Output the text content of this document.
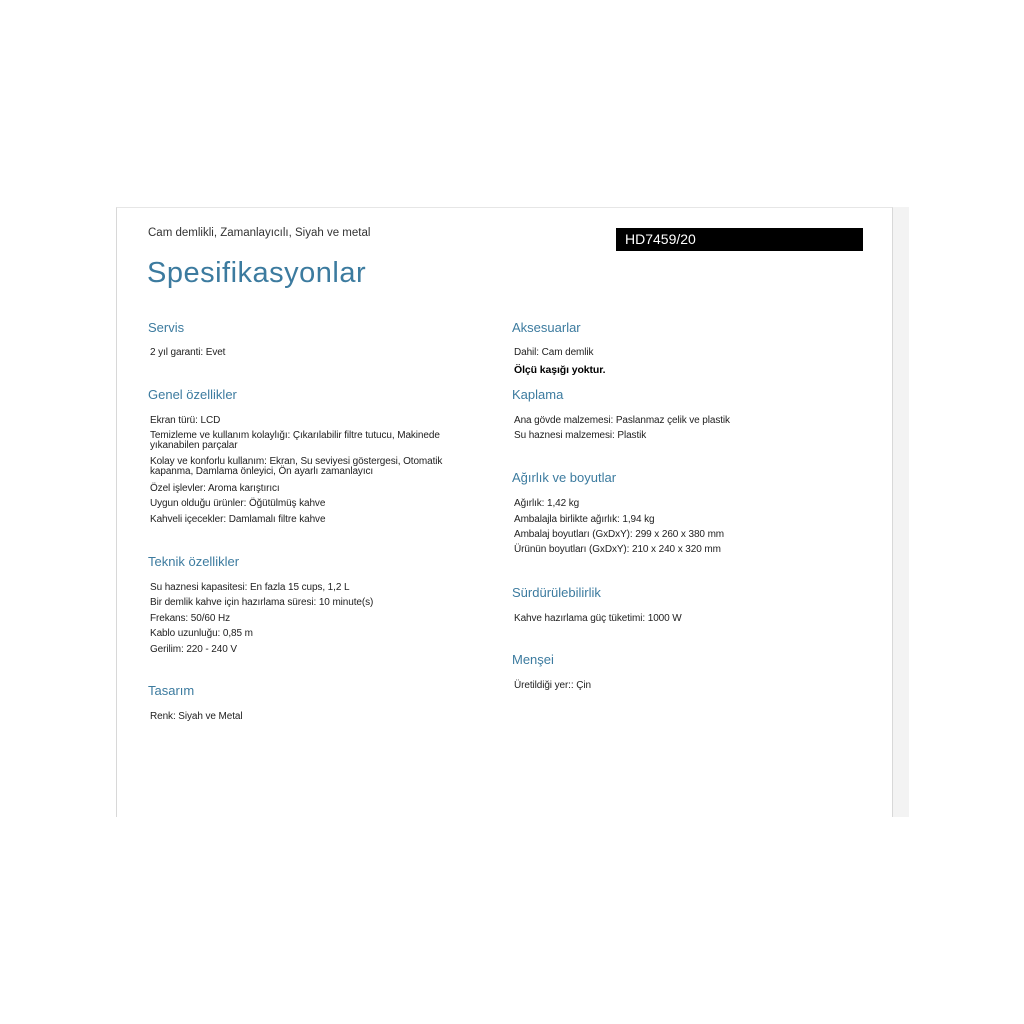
Cam demlikli, Zamanlayıcılı, Siyah ve metal	HD7459/20
Spesifikasyonlar
Servis
2 yıl garanti: Evet
Genel özellikler
Ekran türü: LCD
Temizleme ve kullanım kolaylığı: Çıkarılabilir filtre tutucu, Makinede yıkanabilen parçalar
Kolay ve konforlu kullanım: Ekran, Su seviyesi göstergesi, Otomatik kapanma, Damlama önleyici, Ön ayarlı zamanlayıcı
Özel işlevler: Aroma karıştırıcı
Uygun olduğu ürünler: Öğütülmüş kahve
Kahveli içecekler: Damlamalı filtre kahve
Teknik özellikler
Su haznesi kapasitesi: En fazla 15 cups, 1,2 L
Bir demlik kahve için hazırlama süresi: 10 minute(s)
Frekans: 50/60 Hz
Kablo uzunluğu: 0,85 m
Gerilim: 220 - 240 V
Tasarım
Renk: Siyah ve Metal
Aksesuarlar
Dahil: Cam demlik
Ölçü kaşığı yoktur.
Kaplama
Ana gövde malzemesi: Paslanmaz çelik ve plastik
Su haznesi malzemesi: Plastik
Ağırlık ve boyutlar
Ağırlık: 1,42 kg
Ambalajla birlikte ağırlık: 1,94 kg
Ambalaj boyutları (GxDxY): 299 x 260 x 380 mm
Ürünün boyutları (GxDxY): 210 x 240 x 320 mm
Sürdürülebilirlik
Kahve hazırlama güç tüketimi: 1000 W
Menşei
Üretildiği yer:: Çin
